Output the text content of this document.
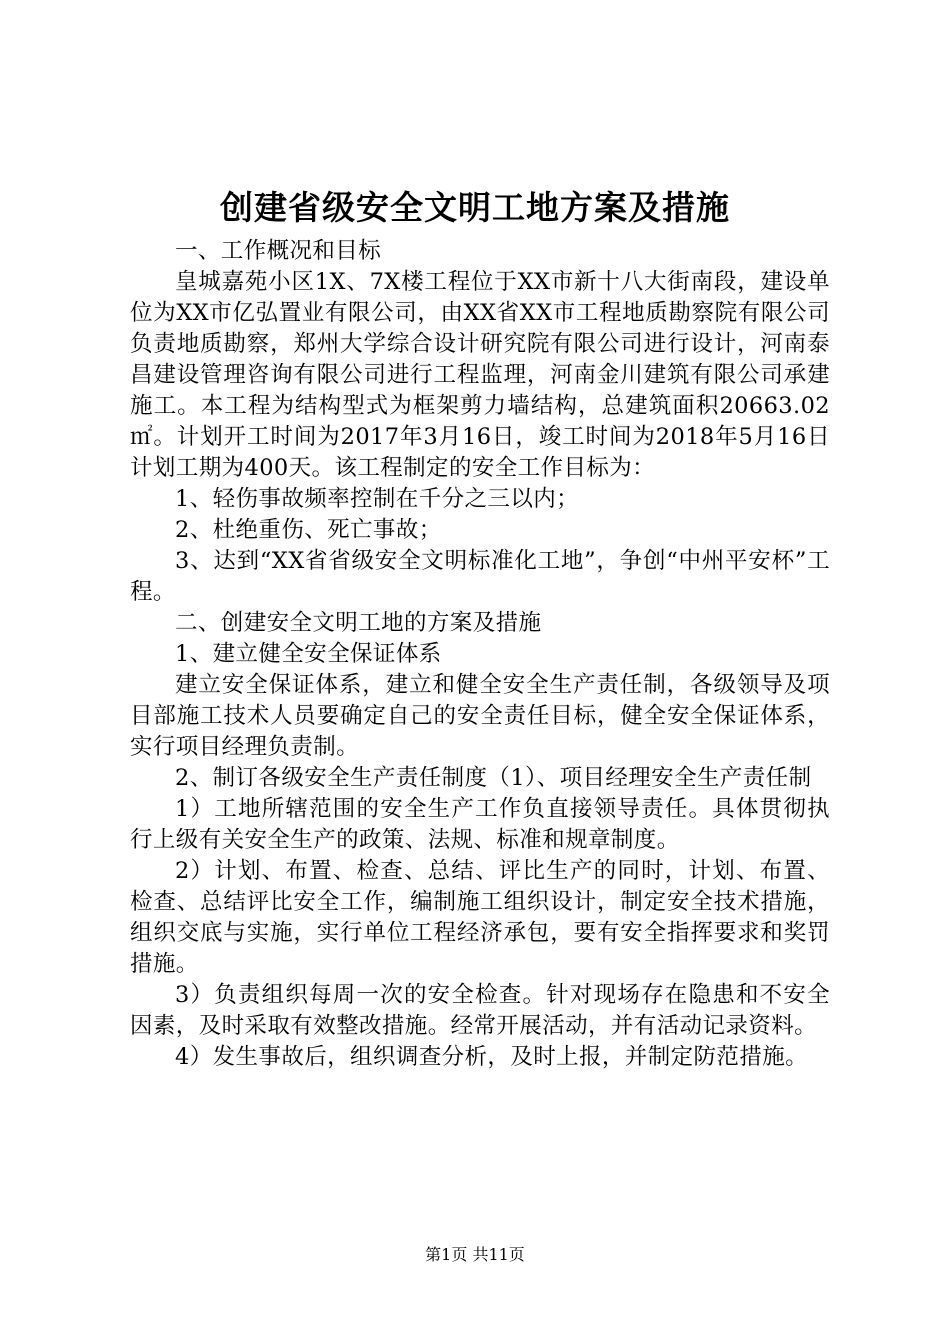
创建省级安全文明工地方案及措施

一、工作概况和目标

皇城嘉苑小区1X、7X楼工程位于XX市新十八大街南段，建设单位为XX市亿弘置业有限公司，由XX省XX市工程地质勘察院有限公司负责地质勘察，郑州大学综合设计研究院有限公司进行设计，河南泰昌建设管理咨询有限公司进行工程监理，河南金川建筑有限公司承建施工。本工程为结构型式为框架剪力墙结构，总建筑面积20663.02㎡。计划开工时间为2017年3月16日，竣工时间为2018年5月16日计划工期为400天。该工程制定的安全工作目标为：

1、轻伤事故频率控制在千分之三以内；

2、杜绝重伤、死亡事故；

3、达到“XX省省级安全文明标准化工地”，争创“中州平安杯”工程。

二、创建安全文明工地的方案及措施

1、建立健全安全保证体系

建立安全保证体系，建立和健全安全生产责任制，各级领导及项目部施工技术人员要确定自己的安全责任目标，健全安全保证体系，实行项目经理负责制。

2、制订各级安全生产责任制度（1）、项目经理安全生产责任制

1）工地所辖范围的安全生产工作负直接领导责任。具体贯彻执行上级有关安全生产的政策、法规、标准和规章制度。

2）计划、布置、检查、总结、评比生产的同时，计划、布置、检查、总结评比安全工作，编制施工组织设计，制定安全技术措施，组织交底与实施，实行单位工程经济承包，要有安全指挥要求和奖罚措施。

3）负责组织每周一次的安全检查。针对现场存在隐患和不安全因素，及时采取有效整改措施。经常开展活动，并有活动记录资料。

4）发生事故后，组织调查分析，及时上报，并制定防范措施。

第1页 共11页
